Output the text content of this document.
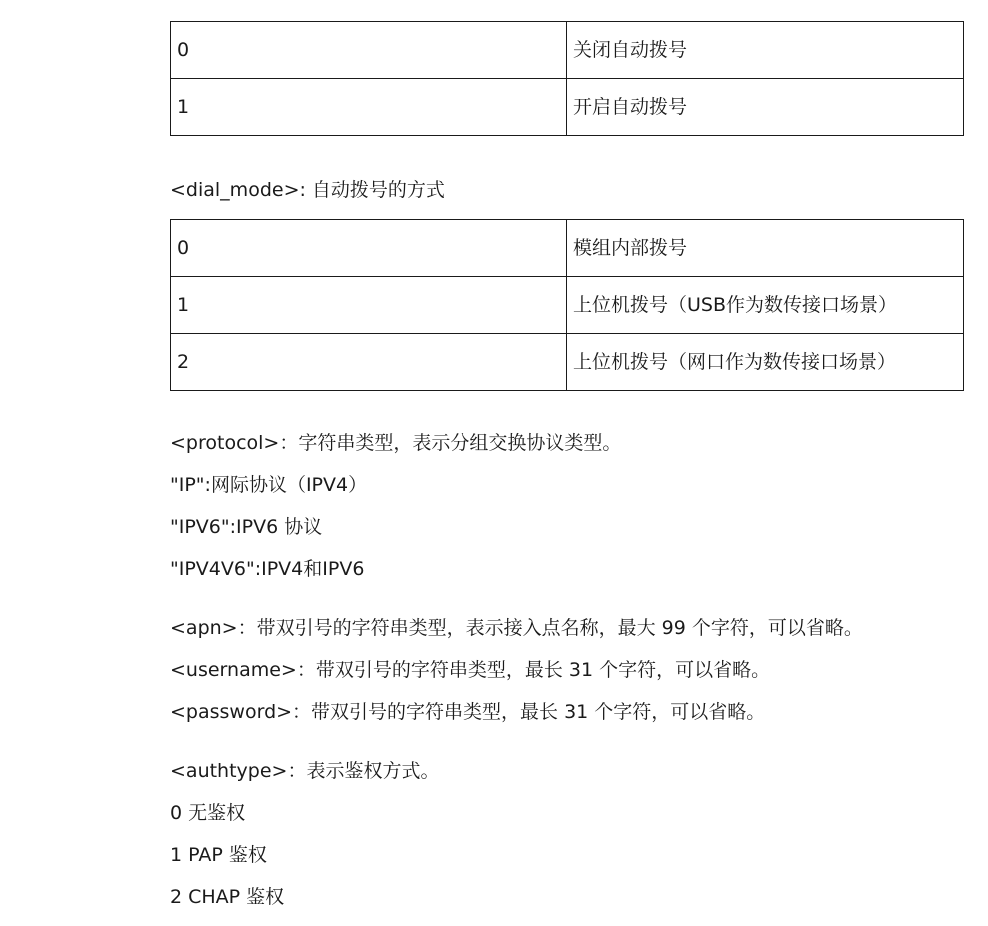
0	关闭自动拨号
1	开启自动拨号

<dial_mode>: 自动拨号的方式

0	模组内部拨号
1	上位机拨号（USB作为数传接口场景）
2	上位机拨号（网口作为数传接口场景）

<protocol>：字符串类型，表示分组交换协议类型。

"IP":网际协议（IPV4）

"IPV6":IPV6 协议

"IPV4V6":IPV4和IPV6

<apn>：带双引号的字符串类型，表示接入点名称，最大 99 个字符，可以省略。

<username>：带双引号的字符串类型，最长 31 个字符，可以省略。

<password>：带双引号的字符串类型，最长 31 个字符，可以省略。

<authtype>：表示鉴权方式。

0 无鉴权

1 PAP 鉴权

2 CHAP 鉴权
